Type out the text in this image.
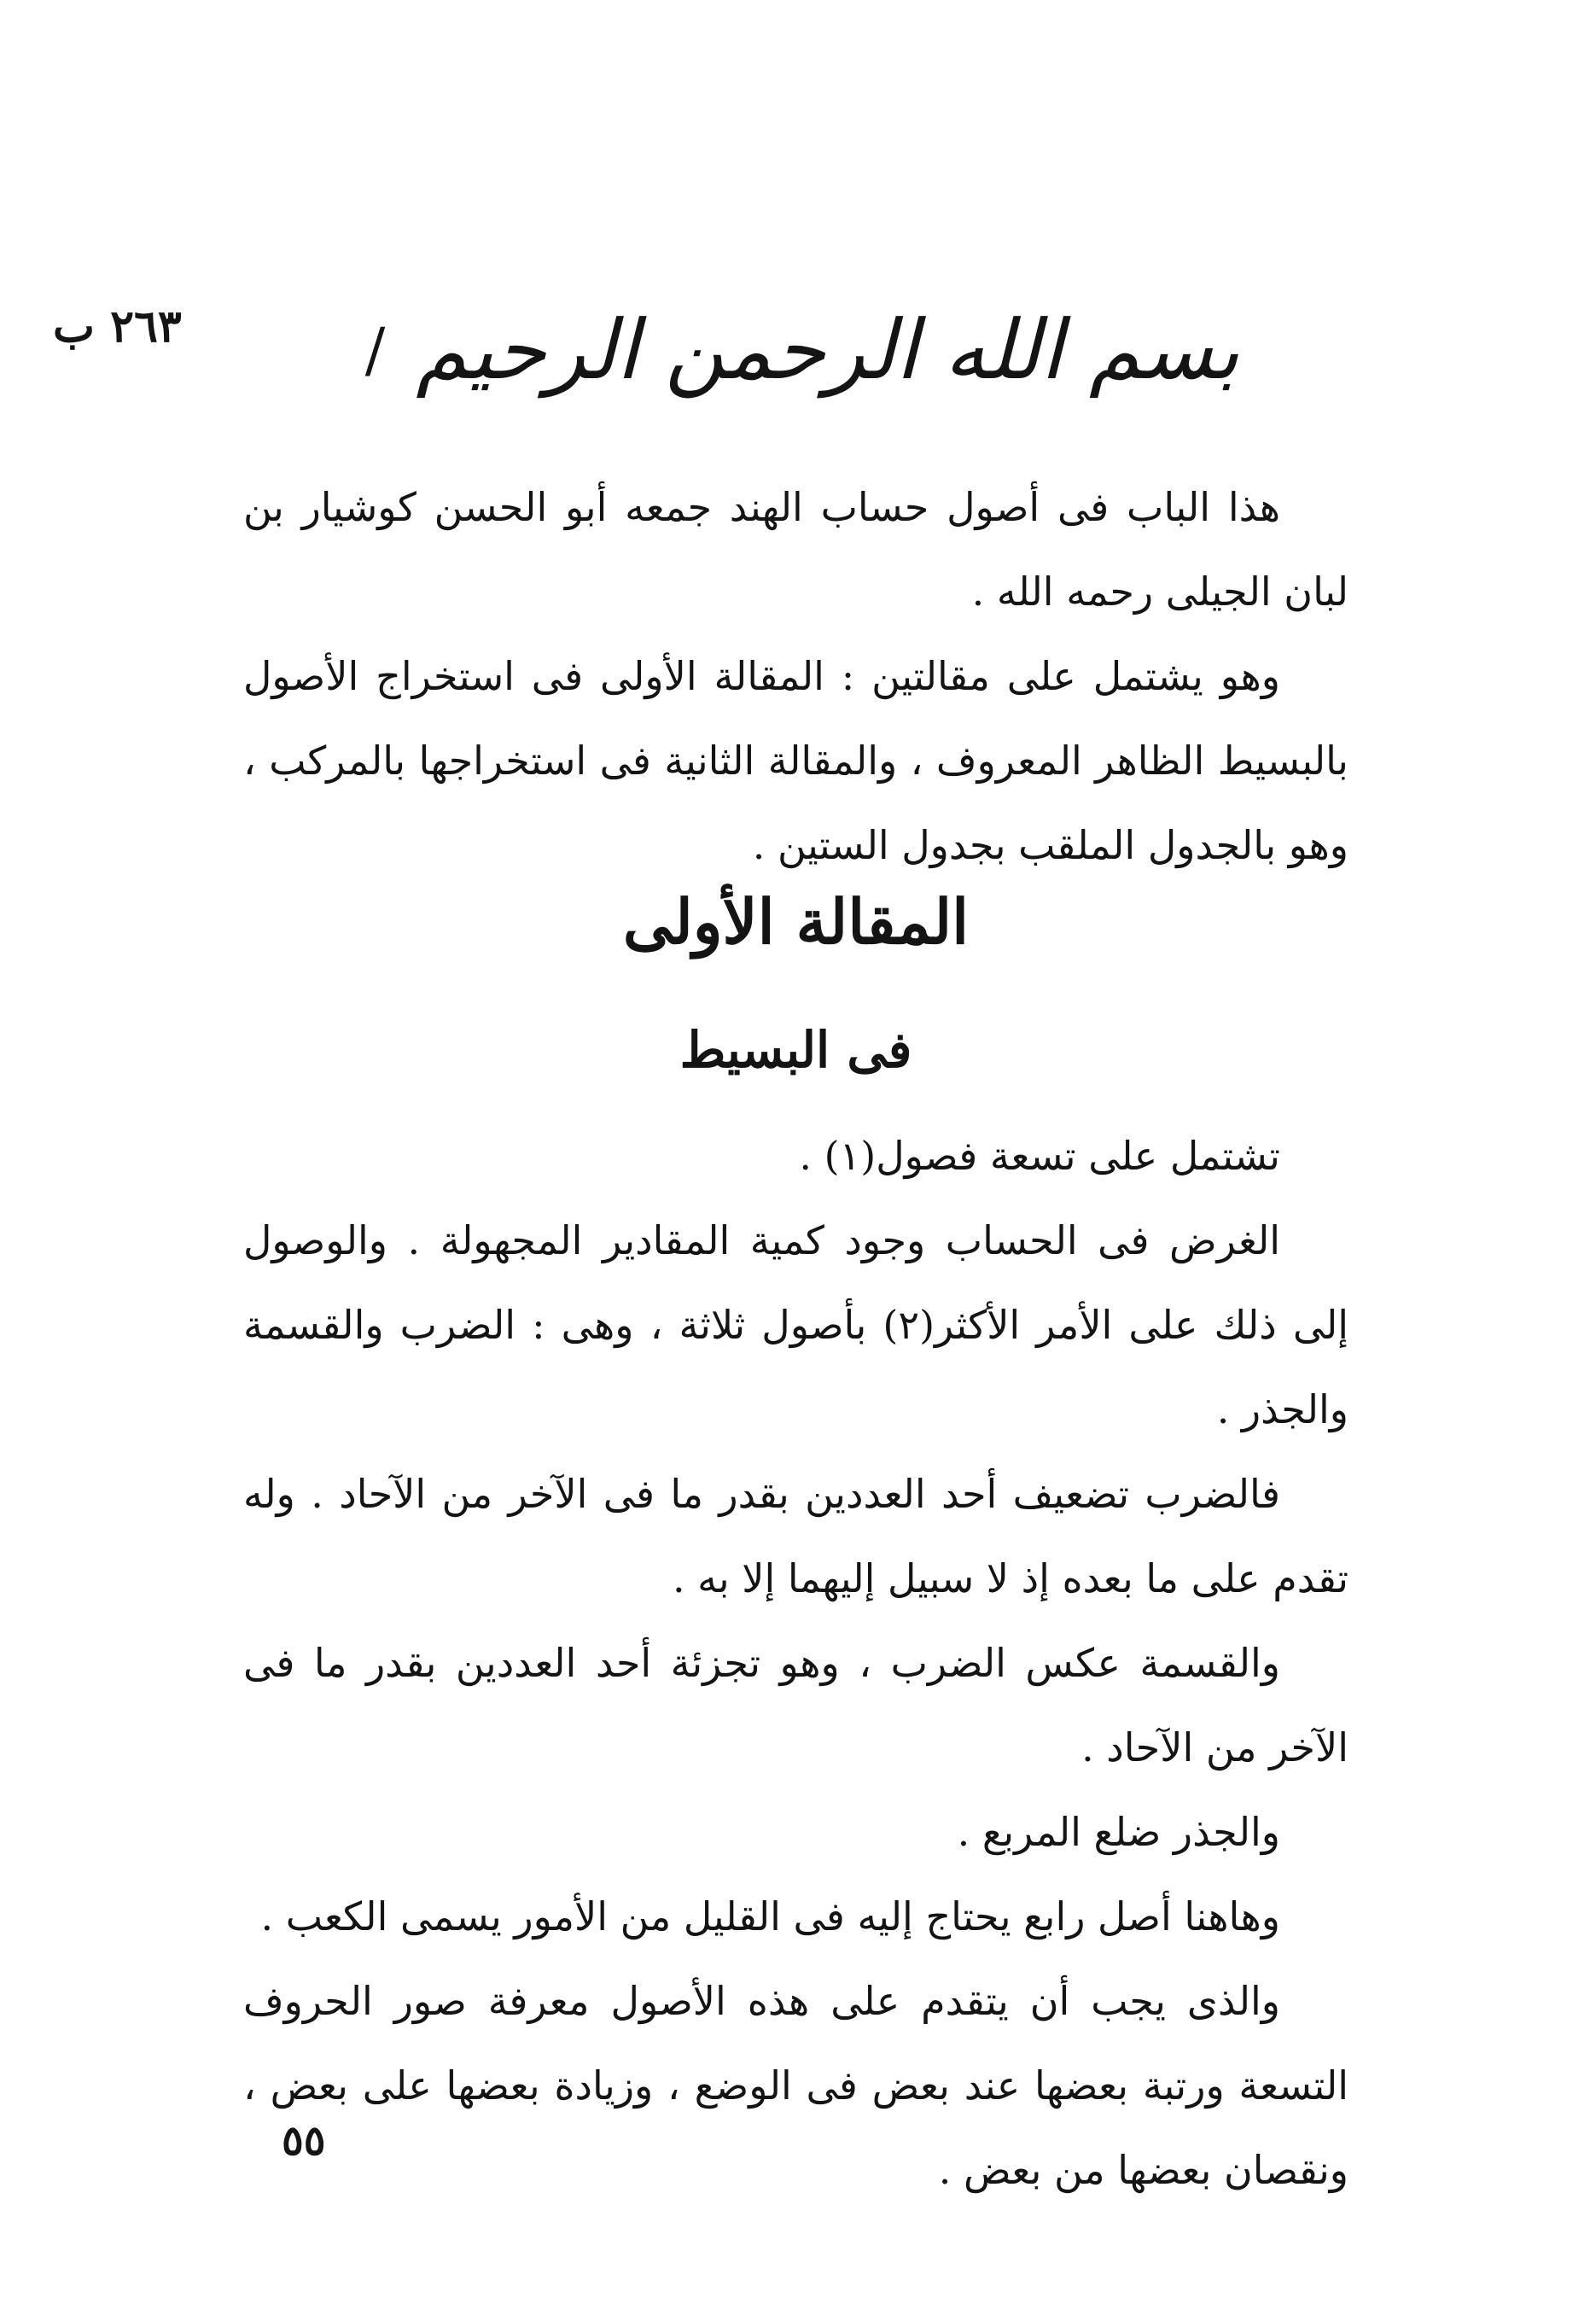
٢٦٣ ب	بسم الله الرحمن الرحيم
/

هذا الباب فى أصول حساب الهند جمعه أبو الحسن كوشيار بن لبان الجيلى رحمه الله .

وهو يشتمل على مقالتين : المقالة الأولى فى استخراج الأصول بالبسيط الظاهر المعروف ، والمقالة الثانية فى استخراجها بالمركب ، وهو بالجدول الملقب بجدول الستين .

المقالة الأولى
فى البسيط

تشتمل على تسعة فصول(١) .

الغرض فى الحساب وجود كمية المقادير المجهولة . والوصول إلى ذلك على الأمر الأكثر(٢) بأصول ثلاثة ، وهى : الضرب والقسمة والجذر .

فالضرب تضعيف أحد العددين بقدر ما فى الآخر من الآحاد . وله تقدم على ما بعده إذ لا سبيل إليهما إلا به .

والقسمة عكس الضرب ، وهو تجزئة أحد العددين بقدر ما فى الآخر من الآحاد .

والجذر ضلع المربع .

وهاهنا أصل رابع يحتاج إليه فى القليل من الأمور يسمى الكعب .

والذى يجب أن يتقدم على هذه الأصول معرفة صور الحروف التسعة ورتبة بعضها عند بعض فى الوضع ، وزيادة بعضها على بعض ، ونقصان بعضها من بعض .

٥٥
